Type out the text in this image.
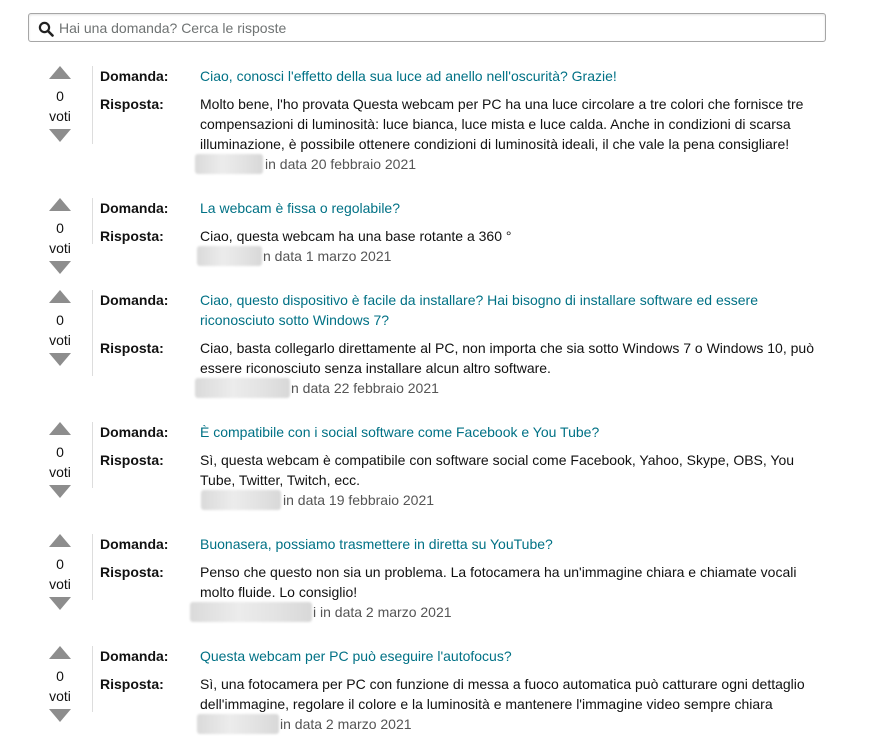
Hai una domanda? Cerca le risposte
0
voti
Domanda: Ciao, conosci l'effetto della sua luce ad anello nell'oscurità? Grazie!
Risposta:	Molto bene, l'ho provata Questa webcam per PC ha una luce circolare a tre colori che fornisce tre compensazioni di luminosità: luce bianca, luce mista e luce calda. Anche in condizioni di scarsa illuminazione, è possibile ottenere condizioni di luminosità ideali, il che vale la pena consigliare!
in data 20 febbraio 2021
0
voti
Domanda: La webcam è fissa o regolabile?
Risposta:	Ciao, questa webcam ha una base rotante a 360 °
n data 1 marzo 2021
0
voti
Domanda: Ciao, questo dispositivo è facile da installare? Hai bisogno di installare software ed essere riconosciuto sotto Windows 7?
Risposta:	Ciao, basta collegarlo direttamente al PC, non importa che sia sotto Windows 7 o Windows 10, può essere riconosciuto senza installare alcun altro software.
n data 22 febbraio 2021
0
voti
Domanda: È compatibile con i social software come Facebook e You Tube?
Risposta:	Sì, questa webcam è compatibile con software social come Facebook, Yahoo, Skype, OBS, You Tube, Twitter, Twitch, ecc.
in data 19 febbraio 2021
0
voti
Domanda: Buonasera, possiamo trasmettere in diretta su YouTube?
Risposta:	Penso che questo non sia un problema. La fotocamera ha un'immagine chiara e chiamate vocali molto fluide. Lo consiglio!
i in data 2 marzo 2021
0
voti
Domanda: Questa webcam per PC può eseguire l'autofocus?
Risposta:	Sì, una fotocamera per PC con funzione di messa a fuoco automatica può catturare ogni dettaglio dell'immagine, regolare il colore e la luminosità e mantenere l'immagine video sempre chiara
in data 2 marzo 2021
